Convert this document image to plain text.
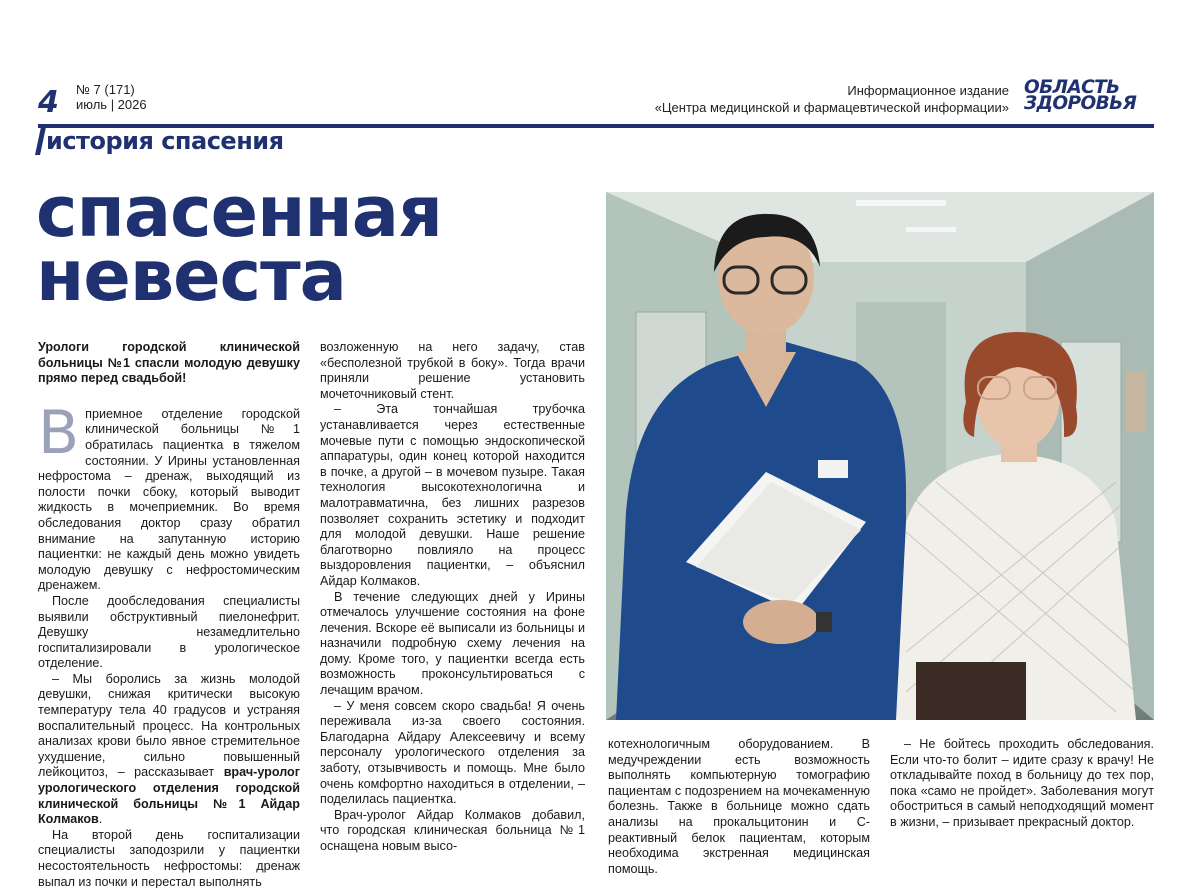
4 № 7 (171)
июль | 2026
Информационное издание
«Центра медицинской и фармацевтической информации»
ОБЛАСТЬ
ЗДОРОВЬЯ
история спасения
спасенная
невеста
Урологи городской клинической больницы №1 спасли молодую девушку прямо перед свадьбой!

Вприемное отделение городской клинической больницы №1 обратилась пациентка в тяжелом состоянии. У Ирины установленная нефростома – дренаж, выходящий из полости почки сбоку, который выводит жидкость в мочеприемник. Во время обследования доктор сразу обратил внимание на запутанную историю пациентки: не каждый день можно увидеть молодую девушку с нефростомическим дренажем.

После дообследования специалисты выявили обструктивный пиелонефрит. Девушку незамедлительно госпитализировали в урологическое отделение.

– Мы боролись за жизнь молодой девушки, снижая критически высокую температуру тела 40 градусов и устраняя воспалительный процесс. На контрольных анализах крови было явное стремительное ухудшение, сильно повышенный лейкоцитоз, – рассказывает врач-уролог урологического отделения городской клинической больницы №1 Айдар Колмаков.

На второй день госпитализации специалисты заподозрили у пациентки несостоятельность нефростомы: дренаж выпал из почки и перестал выполнять

возложенную на него задачу, став «бесполезной трубкой в боку». Тогда врачи приняли решение установить мочеточниковый стент.

– Эта тончайшая трубочка устанавливается через естественные мочевые пути с помощью эндоскопической аппаратуры, один конец которой находится в почке, а другой – в мочевом пузыре. Такая технология высокотехнологична и малотравматична, без лишних разрезов позволяет сохранить эстетику и подходит для молодой девушки. Наше решение благотворно повлияло на процесс выздоровления пациентки, – объяснил Айдар Колмаков.

В течение следующих дней у Ирины отмечалось улучшение состояния на фоне лечения. Вскоре её выписали из больницы и назначили подробную схему лечения на дому. Кроме того, у пациентки всегда есть возможность проконсультироваться с лечащим врачом.

– У меня совсем скоро свадьба! Я очень переживала из-за своего состояния. Благодарна Айдару Алексеевичу и всему персоналу урологического отделения за заботу, отзывчивость и помощь. Мне было очень комфортно находиться в отделении, – поделилась пациентка.

Врач-уролог Айдар Колмаков добавил, что городская клиническая больница №1 оснащена новым высо-

котехнологичным оборудованием. В медучреждении есть возможность выполнять компьютерную томографию пациентам с подозрением на мочекаменную болезнь. Также в больнице можно сдать анализы на прокальцитонин и С-реактивный белок пациентам, которым необходима экстренная медицинская помощь.

– Не бойтесь проходить обследования. Если что-то болит – идите сразу к врачу! Не откладывайте поход в больницу до тех пор, пока «само не пройдет». Заболевания могут обостриться в самый неподходящий момент в жизни, – призывает прекрасный доктор.
